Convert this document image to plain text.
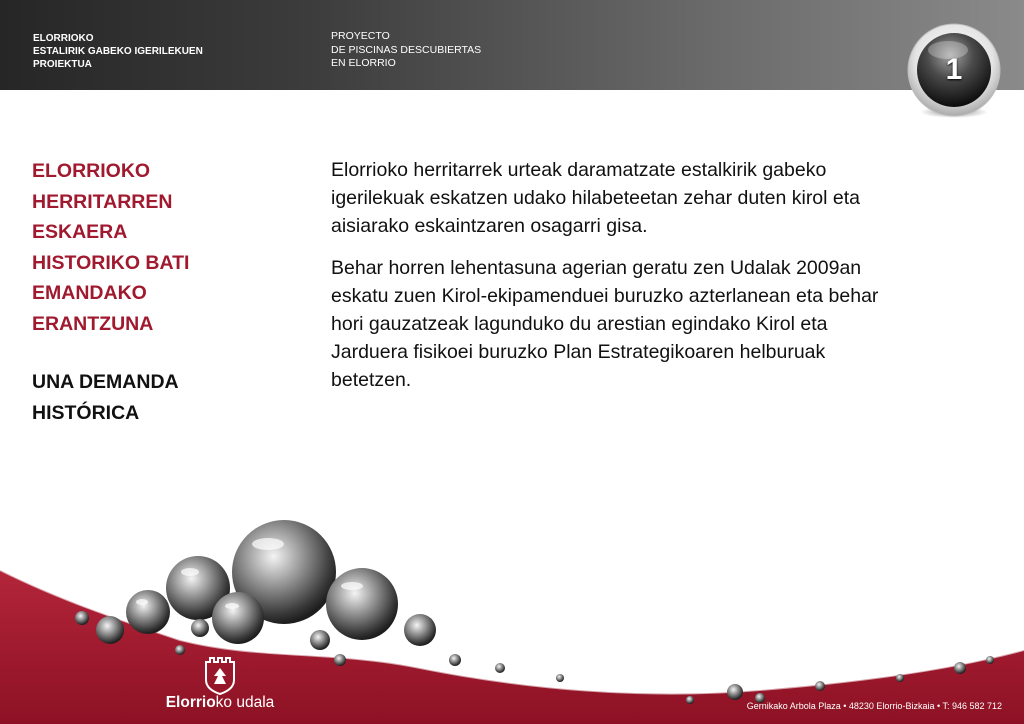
ELORRIOKO
ESTALIRIK GABEKO IGERILEKUEN
PROIEKTUA
PROYECTO
DE PISCINAS DESCUBIERTAS
EN ELORRIO	1
ELORRIOKO
HERRITARREN
ESKAERA
HISTORIKO BATI
EMANDAKO
ERANTZUNA
UNA DEMANDA
HISTÓRICA
Elorrioko herritarrek urteak daramatzate estalkirik gabeko
igerilekuak eskatzen udako hilabeteetan zehar duten kirol eta
aisiarako eskaintzaren osagarri gisa.
Behar horren lehentasuna agerian geratu zen Udalak 2009an
eskatu zuen Kirol-ekipamenduei buruzko azterlanean eta behar
hori gauzatzeak lagunduko du arestian egindako Kirol eta
Jarduera fisikoei buruzko Plan Estrategikoaren helburuak
betetzen.
Elorrioko udala	Gernikako Arbola Plaza • 48230 Elorrio-Bizkaia • T: 946 582 712
